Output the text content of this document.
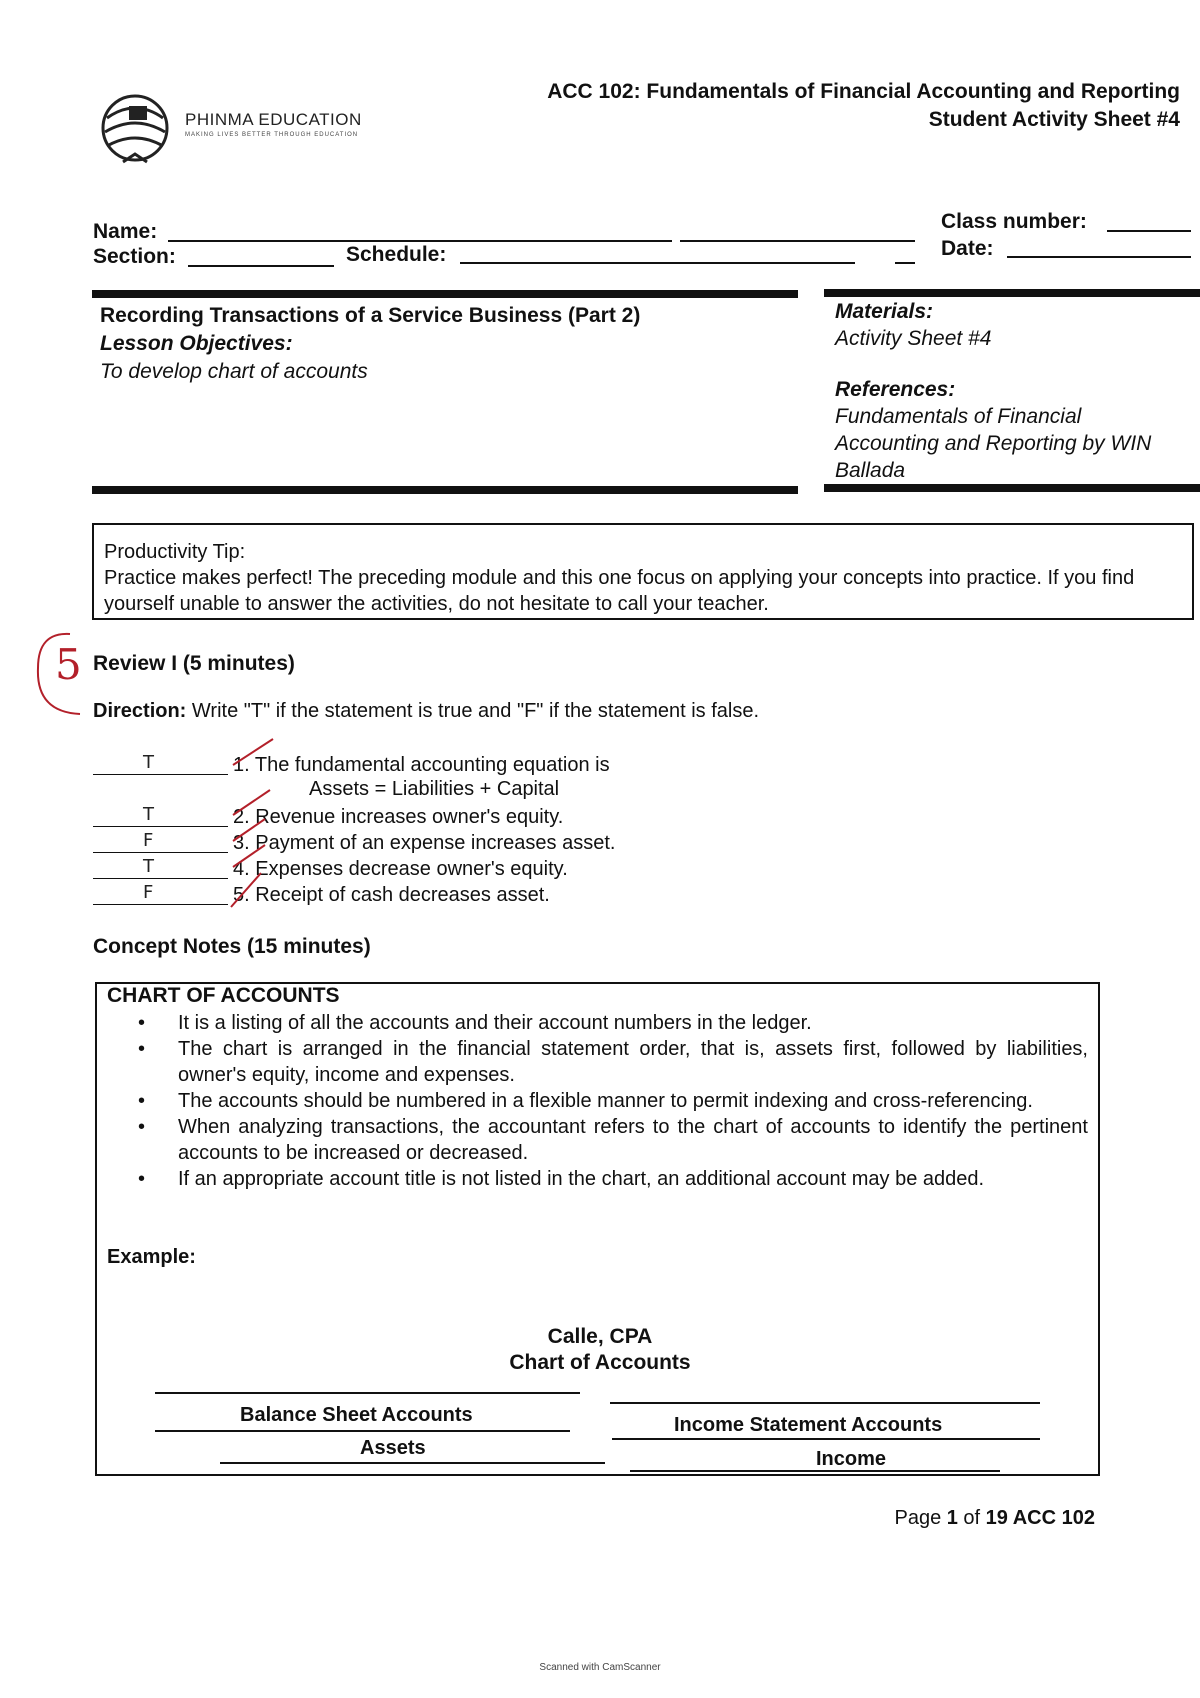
PHINMA EDUCATION
MAKING LIVES BETTER THROUGH EDUCATION
ACC 102: Fundamentals of Financial Accounting and Reporting
Student Activity Sheet #4
Name:
Section:	Schedule:
Class number:
Date:
Recording Transactions of a Service Business (Part 2)
Lesson Objectives:
To develop chart of accounts
Materials:
Activity Sheet #4
References:
Fundamentals of Financial
Accounting and Reporting by WIN
Ballada
Productivity Tip:
Practice makes perfect! The preceding module and this one focus on applying your concepts into practice. If you find yourself unable to answer the activities, do not hesitate to call your teacher.
5 Review I (5 minutes)
Direction: Write "T" if the statement is true and "F" if the statement is false.
T	1. The fundamental accounting equation is
Assets = Liabilities + Capital
T	2. Revenue increases owner's equity.
F	3. Payment of an expense increases asset.
T	4. Expenses decrease owner's equity.
F	5. Receipt of cash decreases asset.
Concept Notes (15 minutes)
CHART OF ACCOUNTS
• It is a listing of all the accounts and their account numbers in the ledger.
• The chart is arranged in the financial statement order, that is, assets first, followed by liabilities, owner's equity, income and expenses.
• The accounts should be numbered in a flexible manner to permit indexing and cross-referencing.
• When analyzing transactions, the accountant refers to the chart of accounts to identify the pertinent accounts to be increased or decreased.
• If an appropriate account title is not listed in the chart, an additional account may be added.
Example:
Calle, CPA
Chart of Accounts
Balance Sheet Accounts	Income Statement Accounts
Assets	Income
Page 1 of 19 ACC 102
Scanned with CamScanner
